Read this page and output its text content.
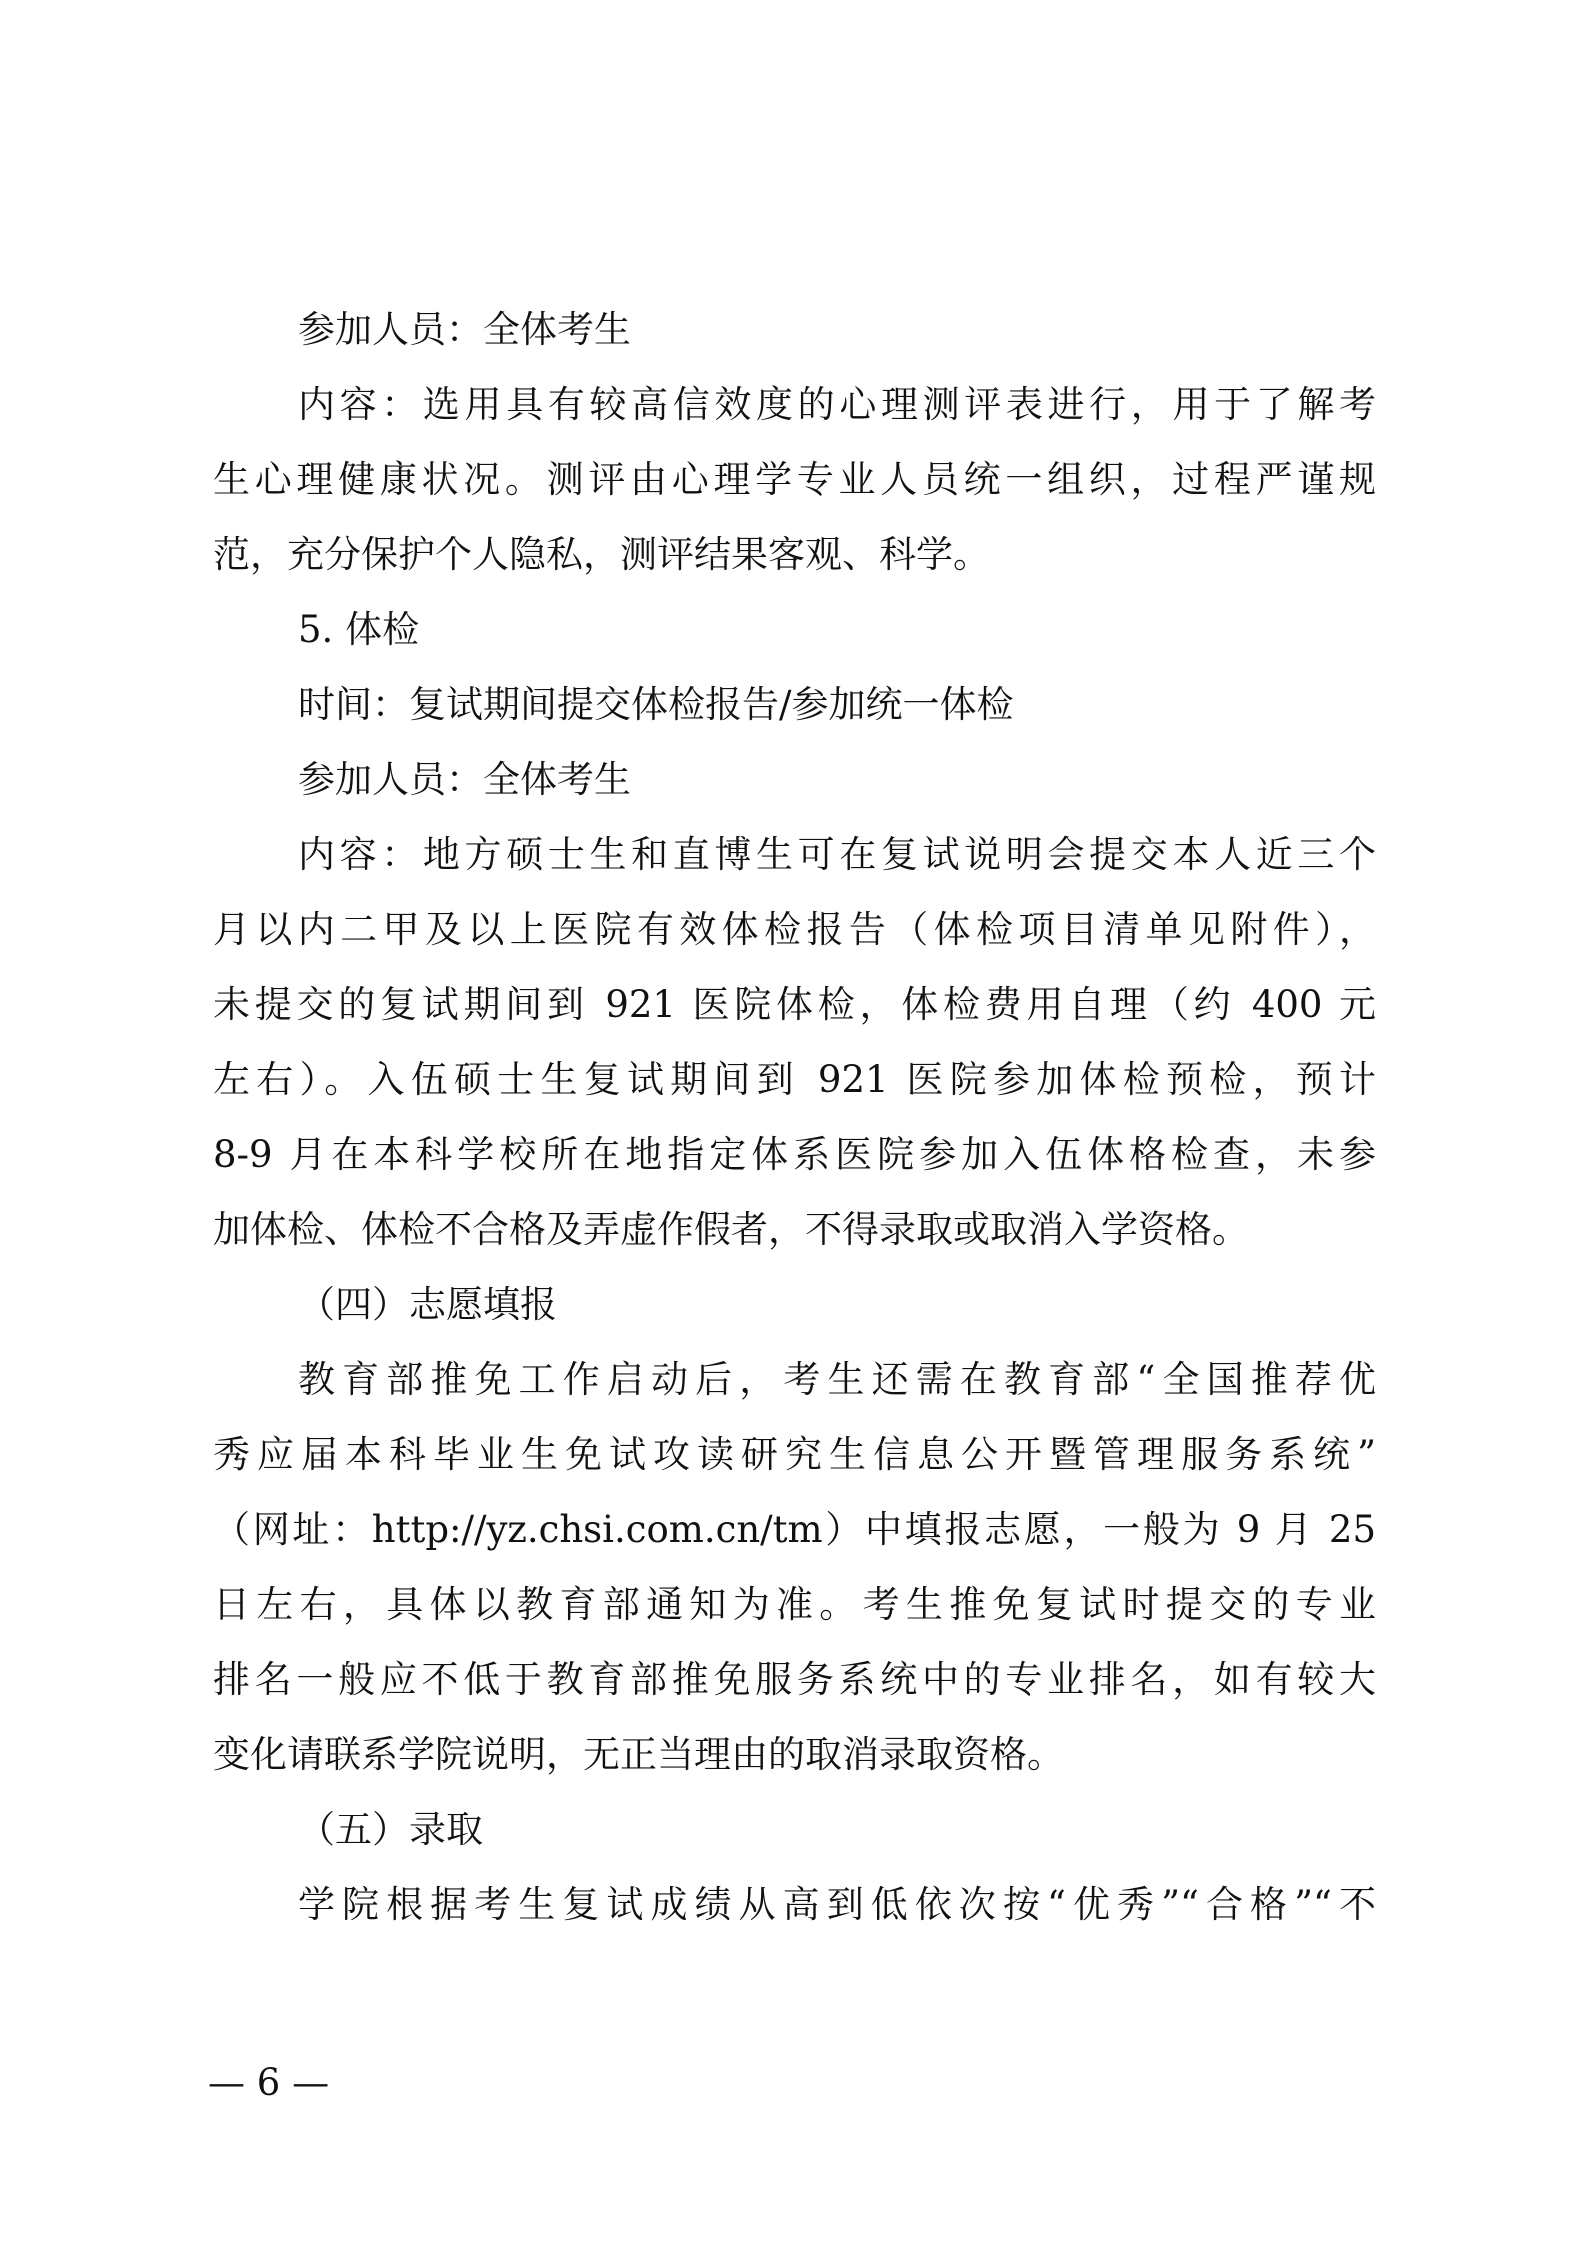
参加人员：全体考生
内容：选用具有较高信效度的心理测评表进行，用于了解考
生心理健康状况。测评由心理学专业人员统一组织，过程严谨规
范，充分保护个人隐私，测评结果客观、科学。
5. 体检
时间：复试期间提交体检报告/参加统一体检
参加人员：全体考生
内容：地方硕士生和直博生可在复试说明会提交本人近三个
月以内二甲及以上医院有效体检报告（体检项目清单见附件），
未提交的复试期间到 921 医院体检，体检费用自理（约 400 元
左右）。入伍硕士生复试期间到 921 医院参加体检预检，预计
8-9 月在本科学校所在地指定体系医院参加入伍体格检查，未参
加体检、体检不合格及弄虚作假者，不得录取或取消入学资格。
（四）志愿填报
教育部推免工作启动后，考生还需在教育部“全国推荐优
秀应届本科毕业生免试攻读研究生信息公开暨管理服务系统”
（网址：http://yz.chsi.com.cn/tm）中填报志愿，一般为 9 月 25
日左右，具体以教育部通知为准。考生推免复试时提交的专业
排名一般应不低于教育部推免服务系统中的专业排名，如有较大
变化请联系学院说明，无正当理由的取消录取资格。
（五）录取
学院根据考生复试成绩从高到低依次按“优秀”“合格”“不
— 6 —
